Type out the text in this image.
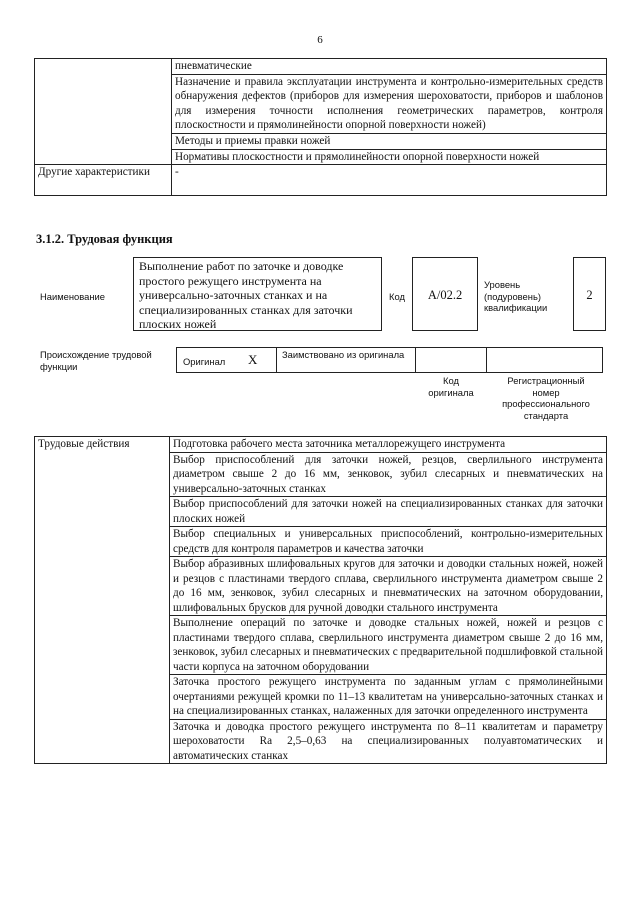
6
	пневматические
	Назначение и правила эксплуатации инструмента и контрольно-измерительных средств обнаружения дефектов (приборов для измерения шероховатости, приборов и шаблонов для измерения точности исполнения геометрических параметров, контроля плоскостности и прямолинейности опорной поверхности ножей)
	Методы и приемы правки ножей
	Нормативы плоскостности и прямолинейности опорной поверхности ножей
Другие характеристики	-
3.1.2. Трудовая функция
Наименование
Выполнение работ по заточке и доводке простого режущего инструмента на универсально-заточных станках и на специализированных станках для заточки плоских ножей
Код	A/02.2
Уровень (подуровень) квалификации
2
Происхождение трудовой функции	Оригинал X	Заимствовано из оригинала
Код оригинала
Регистрационный номер профессионального стандарта
Трудовые действия	Подготовка рабочего места заточника металлорежущего инструмента
Выбор приспособлений для заточки ножей, резцов, сверлильного инструмента диаметром свыше 2 до 16 мм, зенковок, зубил слесарных и пневматических на универсально-заточных станках
Выбор приспособлений для заточки ножей на специализированных станках для заточки плоских ножей
Выбор специальных и универсальных приспособлений, контрольно-измерительных средств для контроля параметров и качества заточки
Выбор абразивных шлифовальных кругов для заточки и доводки стальных ножей, ножей и резцов с пластинами твердого сплава, сверлильного инструмента диаметром свыше 2 до 16 мм, зенковок, зубил слесарных и пневматических на заточном оборудовании, шлифовальных брусков для ручной доводки стального инструмента
Выполнение операций по заточке и доводке стальных ножей, ножей и резцов с пластинами твердого сплава, сверлильного инструмента диаметром свыше 2 до 16 мм, зенковок, зубил слесарных и пневматических с предварительной подшлифовкой стальной части корпуса на заточном оборудовании
Заточка простого режущего инструмента по заданным углам с прямолинейными очертаниями режущей кромки по 11–13 квалитетам на универсально-заточных станках и на специализированных станках, налаженных для заточки определенного инструмента
Заточка и доводка простого режущего инструмента по 8–11 квалитетам и параметру шероховатости Ra 2,5–0,63 на специализированных полуавтоматических и автоматических станках
